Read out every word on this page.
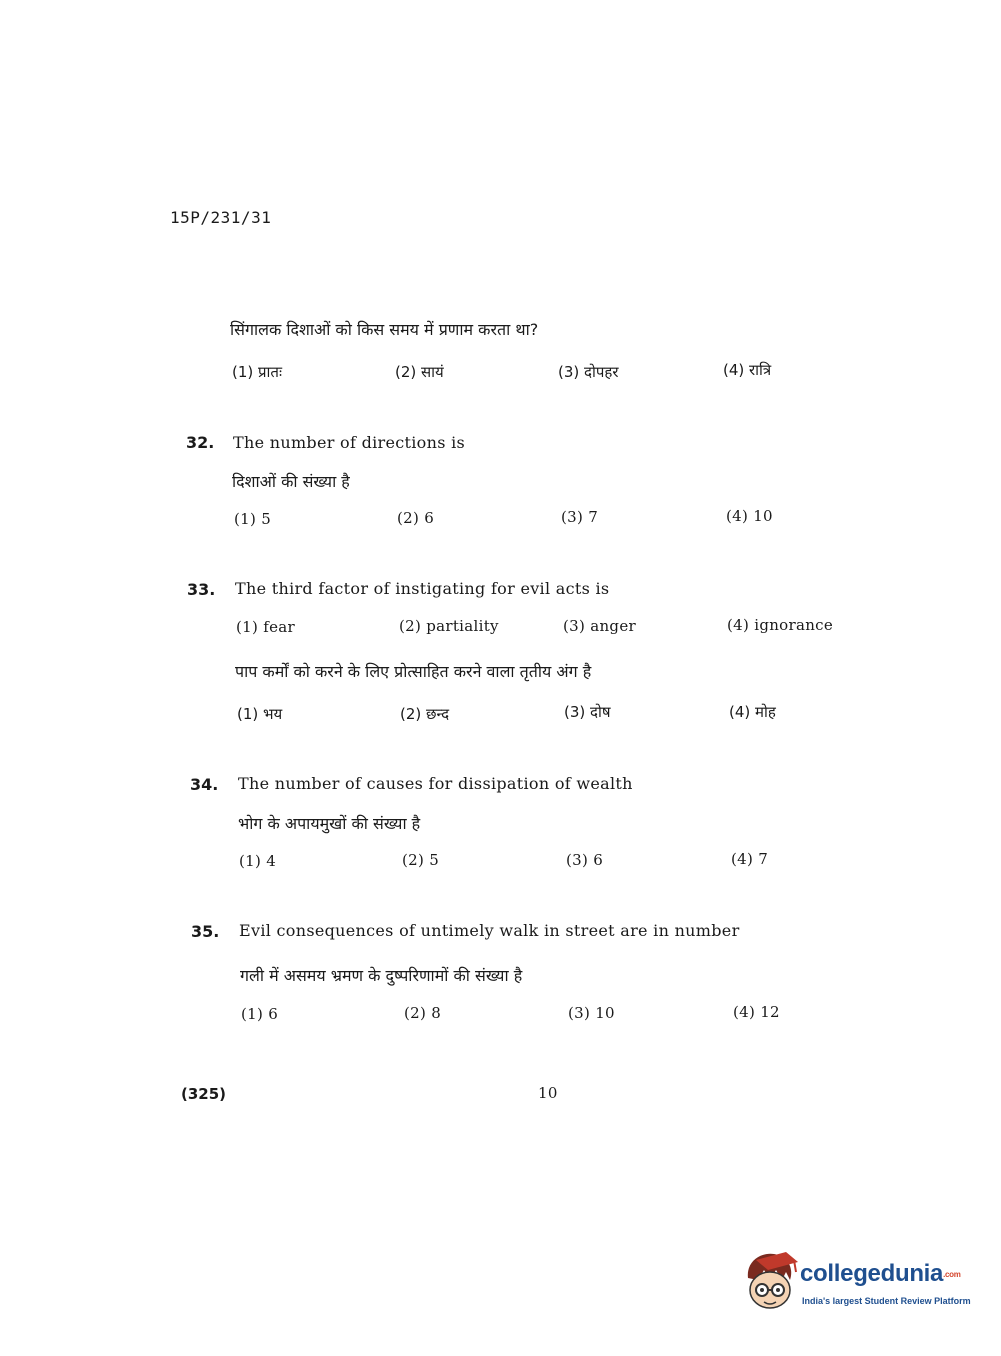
15P/231/31
सिंगालक दिशाओं को किस समय में प्रणाम करता था?
(1) प्रातः	(2) सायं	(3) दोपहर	(4) रात्रि
32. The number of directions is
दिशाओं की संख्या है
(1) 5	(2) 6	(3) 7	(4) 10
33. The third factor of instigating for evil acts is
(1) fear	(2) partiality	(3) anger	(4) ignorance
पाप कर्मों को करने के लिए प्रोत्साहित करने वाला तृतीय अंग है
(1) भय	(2) छन्द	(3) दोष	(4) मोह
34. The number of causes for dissipation of wealth
भोग के अपायमुखों की संख्या है
(1) 4	(2) 5	(3) 6	(4) 7
35. Evil consequences of untimely walk in street are in number
गली में असमय भ्रमण के दुष्परिणामों की संख्या है
(1) 6	(2) 8	(3) 10	(4) 12
(325)	10
collegedunia.com
India's largest Student Review Platform
